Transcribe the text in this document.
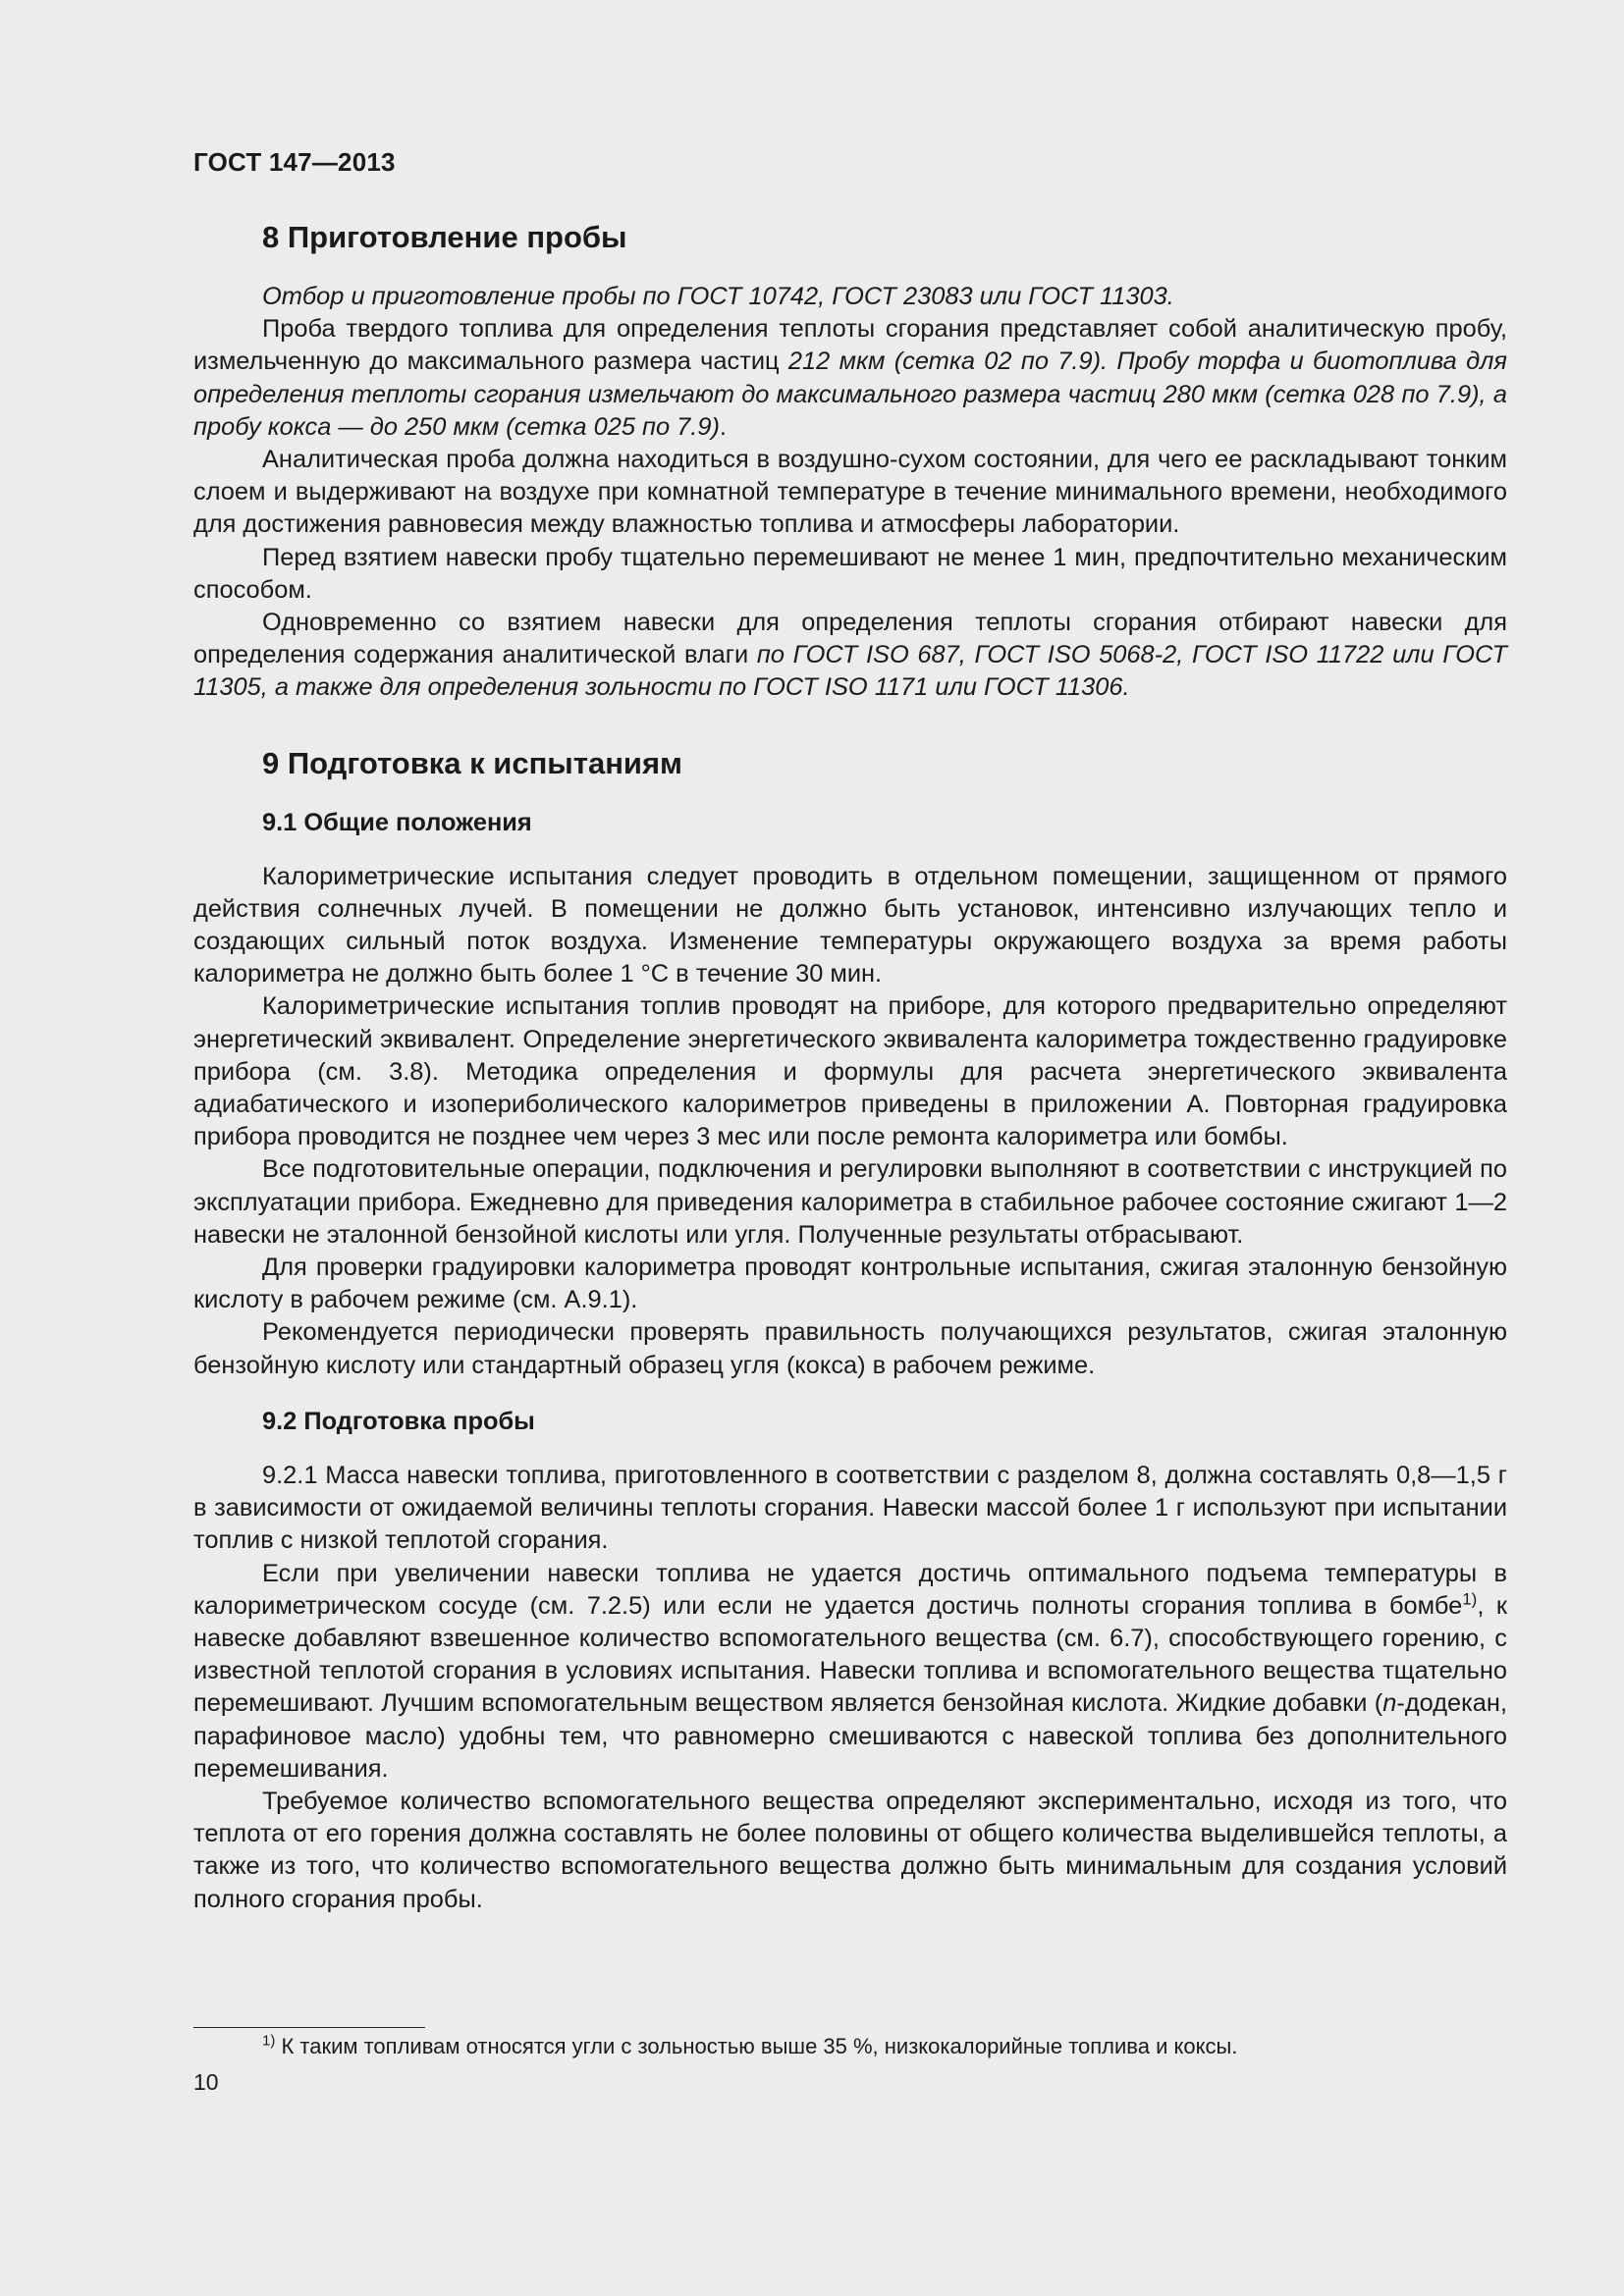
ГОСТ 147—2013
8 Приготовление пробы

Отбор и приготовление пробы по ГОСТ 10742, ГОСТ 23083 или ГОСТ 11303.

Проба твердого топлива для определения теплоты сгорания представляет собой аналитическую пробу, измельченную до максимального размера частиц 212 мкм (сетка 02 по 7.9). Пробу торфа и биотоплива для определения теплоты сгорания измельчают до максимального размера частиц 280 мкм (сетка 028 по 7.9), а пробу кокса — до 250 мкм (сетка 025 по 7.9).

Аналитическая проба должна находиться в воздушно-сухом состоянии, для чего ее раскладывают тонким слоем и выдерживают на воздухе при комнатной температуре в течение минимального времени, необходимого для достижения равновесия между влажностью топлива и атмосферы лаборатории.

Перед взятием навески пробу тщательно перемешивают не менее 1 мин, предпочтительно механическим способом.

Одновременно со взятием навески для определения теплоты сгорания отбирают навески для определения содержания аналитической влаги по ГОСТ ISO 687, ГОСТ ISO 5068-2, ГОСТ ISO 11722 или ГОСТ 11305, а также для определения зольности по ГОСТ ISO 1171 или ГОСТ 11306.

9 Подготовка к испытаниям
9.1 Общие положения

Калориметрические испытания следует проводить в отдельном помещении, защищенном от прямого действия солнечных лучей. В помещении не должно быть установок, интенсивно излучающих тепло и создающих сильный поток воздуха. Изменение температуры окружающего воздуха за время работы калориметра не должно быть более 1 °С в течение 30 мин.

Калориметрические испытания топлив проводят на приборе, для которого предварительно определяют энергетический эквивалент. Определение энергетического эквивалента калориметра тождественно градуировке прибора (см. 3.8). Методика определения и формулы для расчета энергетического эквивалента адиабатического и изопериболического калориметров приведены в приложении А. Повторная градуировка прибора проводится не позднее чем через 3 мес или после ремонта калориметра или бомбы.

Все подготовительные операции, подключения и регулировки выполняют в соответствии с инструкцией по эксплуатации прибора. Ежедневно для приведения калориметра в стабильное рабочее состояние сжигают 1—2 навески не эталонной бензойной кислоты или угля. Полученные результаты отбрасывают.

Для проверки градуировки калориметра проводят контрольные испытания, сжигая эталонную бензойную кислоту в рабочем режиме (см. А.9.1).

Рекомендуется периодически проверять правильность получающихся результатов, сжигая эталонную бензойную кислоту или стандартный образец угля (кокса) в рабочем режиме.

9.2 Подготовка пробы

9.2.1 Масса навески топлива, приготовленного в соответствии с разделом 8, должна составлять 0,8—1,5 г в зависимости от ожидаемой величины теплоты сгорания. Навески массой более 1 г используют при испытании топлив с низкой теплотой сгорания.

Если при увеличении навески топлива не удается достичь оптимального подъема температуры в калориметрическом сосуде (см. 7.2.5) или если не удается достичь полноты сгорания топлива в бомбе$^{1)}$, к навеске добавляют взвешенное количество вспомогательного вещества (см. 6.7), способствующего горению, с известной теплотой сгорания в условиях испытания. Навески топлива и вспомогательного вещества тщательно перемешивают. Лучшим вспомогательным веществом является бензойная кислота. Жидкие добавки (n-додекан, парафиновое масло) удобны тем, что равномерно смешиваются с навеской топлива без дополнительного перемешивания.

Требуемое количество вспомогательного вещества определяют экспериментально, исходя из того, что теплота от его горения должна составлять не более половины от общего количества выделившейся теплоты, а также из того, что количество вспомогательного вещества должно быть минимальным для создания условий полного сгорания пробы.

$^{1)}$ К таким топливам относятся угли с зольностью выше 35 %, низкокалорийные топлива и коксы.
10
